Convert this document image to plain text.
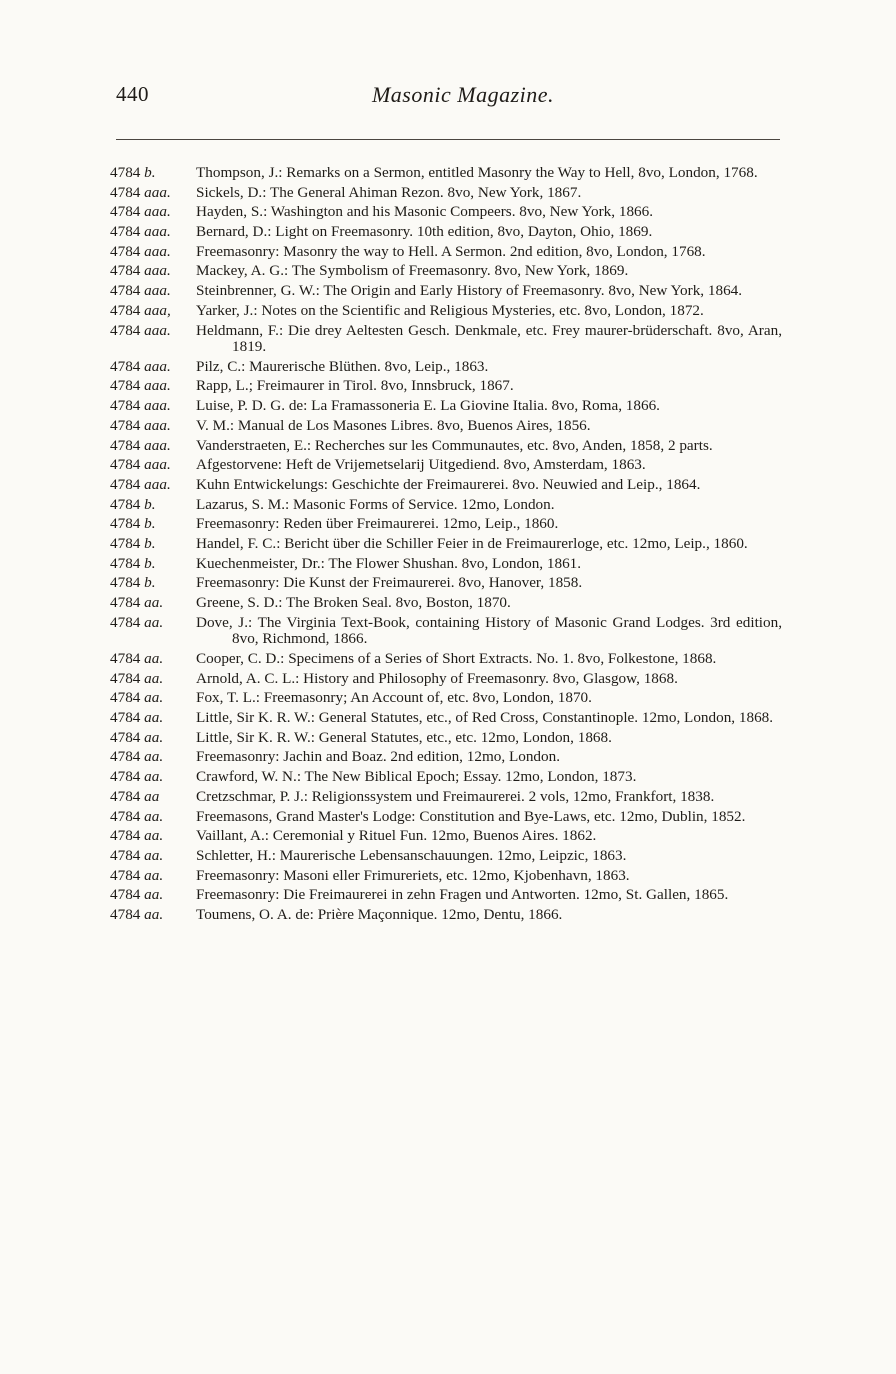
440	Masonic Magazine.
4784 b.	Thompson, J.: Remarks on a Sermon, entitled Masonry the Way to Hell, 8vo, London, 1768.
4784 aaa.	Sickels, D.: The General Ahiman Rezon. 8vo, New York, 1867.
4784 aaa.	Hayden, S.: Washington and his Masonic Compeers. 8vo, New York, 1866.
4784 aaa.	Bernard, D.: Light on Freemasonry. 10th edition, 8vo, Dayton, Ohio, 1869.
4784 aaa.	Freemasonry: Masonry the way to Hell. A Sermon. 2nd edition, 8vo, London, 1768.
4784 aaa.	Mackey, A. G.: The Symbolism of Freemasonry. 8vo, New York, 1869.
4784 aaa.	Steinbrenner, G. W.: The Origin and Early History of Freemasonry. 8vo, New York, 1864.
4784 aaa,	Yarker, J.: Notes on the Scientific and Religious Mysteries, etc. 8vo, London, 1872.
4784 aaa.	Heldmann, F.: Die drey Aeltesten Gesch. Denkmale, etc. Frey maurer-brüderschaft. 8vo, Aran, 1819.
4784 aaa.	Pilz, C.: Maurerische Blüthen. 8vo, Leip., 1863.
4784 aaa.	Rapp, L.; Freimaurer in Tirol. 8vo, Innsbruck, 1867.
4784 aaa.	Luise, P. D. G. de: La Framassoneria E. La Giovine Italia. 8vo, Roma, 1866.
4784 aaa.	V. M.: Manual de Los Masones Libres. 8vo, Buenos Aires, 1856.
4784 aaa.	Vanderstraeten, E.: Recherches sur les Communautes, etc. 8vo, Anden, 1858, 2 parts.
4784 aaa.	Afgestorvene: Heft de Vrijemetselarij Uitgediend. 8vo, Amsterdam, 1863.
4784 aaa.	Kuhn Entwickelungs: Geschichte der Freimaurerei. 8vo. Neuwied and Leip., 1864.
4784 b.	Lazarus, S. M.: Masonic Forms of Service. 12mo, London.
4784 b.	Freemasonry: Reden über Freimaurerei. 12mo, Leip., 1860.
4784 b.	Handel, F. C.: Bericht über die Schiller Feier in de Freimaurerloge, etc. 12mo, Leip., 1860.
4784 b.	Kuechenmeister, Dr.: The Flower Shushan. 8vo, London, 1861.
4784 b.	Freemasonry: Die Kunst der Freimaurerei. 8vo, Hanover, 1858.
4784 aa.	Greene, S. D.: The Broken Seal. 8vo, Boston, 1870.
4784 aa.	Dove, J.: The Virginia Text-Book, containing History of Masonic Grand Lodges. 3rd edition, 8vo, Richmond, 1866.
4784 aa.	Cooper, C. D.: Specimens of a Series of Short Extracts. No. 1. 8vo, Folkestone, 1868.
4784 aa.	Arnold, A. C. L.: History and Philosophy of Freemasonry. 8vo, Glasgow, 1868.
4784 aa.	Fox, T. L.: Freemasonry; An Account of, etc. 8vo, London, 1870.
4784 aa.	Little, Sir K. R. W.: General Statutes, etc., of Red Cross, Constantinople. 12mo, London, 1868.
4784 aa.	Little, Sir K. R. W.: General Statutes, etc., etc. 12mo, London, 1868.
4784 aa.	Freemasonry: Jachin and Boaz. 2nd edition, 12mo, London.
4784 aa.	Crawford, W. N.: The New Biblical Epoch; Essay. 12mo, London, 1873.
4784 aa	Cretzschmar, P. J.: Religionssystem und Freimaurerei. 2 vols, 12mo, Frankfort, 1838.
4784 aa.	Freemasons, Grand Master's Lodge: Constitution and Bye-Laws, etc. 12mo, Dublin, 1852.
4784 aa.	Vaillant, A.: Ceremonial y Rituel Fun. 12mo, Buenos Aires. 1862.
4784 aa.	Schletter, H.: Maurerische Lebensanschauungen. 12mo, Leipzic, 1863.
4784 aa.	Freemasonry: Masoni eller Frimureriets, etc. 12mo, Kjobenhavn, 1863.
4784 aa.	Freemasonry: Die Freimaurerei in zehn Fragen und Antworten. 12mo, St. Gallen, 1865.
4784 aa.	Toumens, O. A. de: Prière Maçonnique. 12mo, Dentu, 1866.
